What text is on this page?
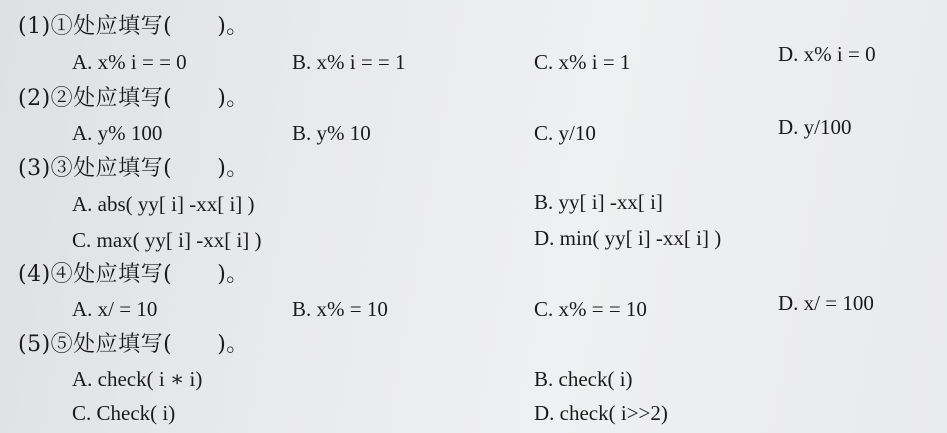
(1)①处应填写(      )。
A. x% i = = 0	B. x% i = = 1	C. x% i = 1	D. x% i = 0
(2)②处应填写(      )。
A. y% 100	B. y% 10	C. y/10	D. y/100
(3)③处应填写(      )。
A. abs( yy[ i] -xx[ i] )	B. yy[ i] -xx[ i]
C. max( yy[ i] -xx[ i] )	D. min( yy[ i] -xx[ i] )
(4)④处应填写(      )。
A. x/ = 10	B. x% = 10	C. x% = = 10	D. x/ = 100
(5)⑤处应填写(      )。
A. check( i ∗ i)	B. check( i)
C. Check( i)	D. check( i>>2)
